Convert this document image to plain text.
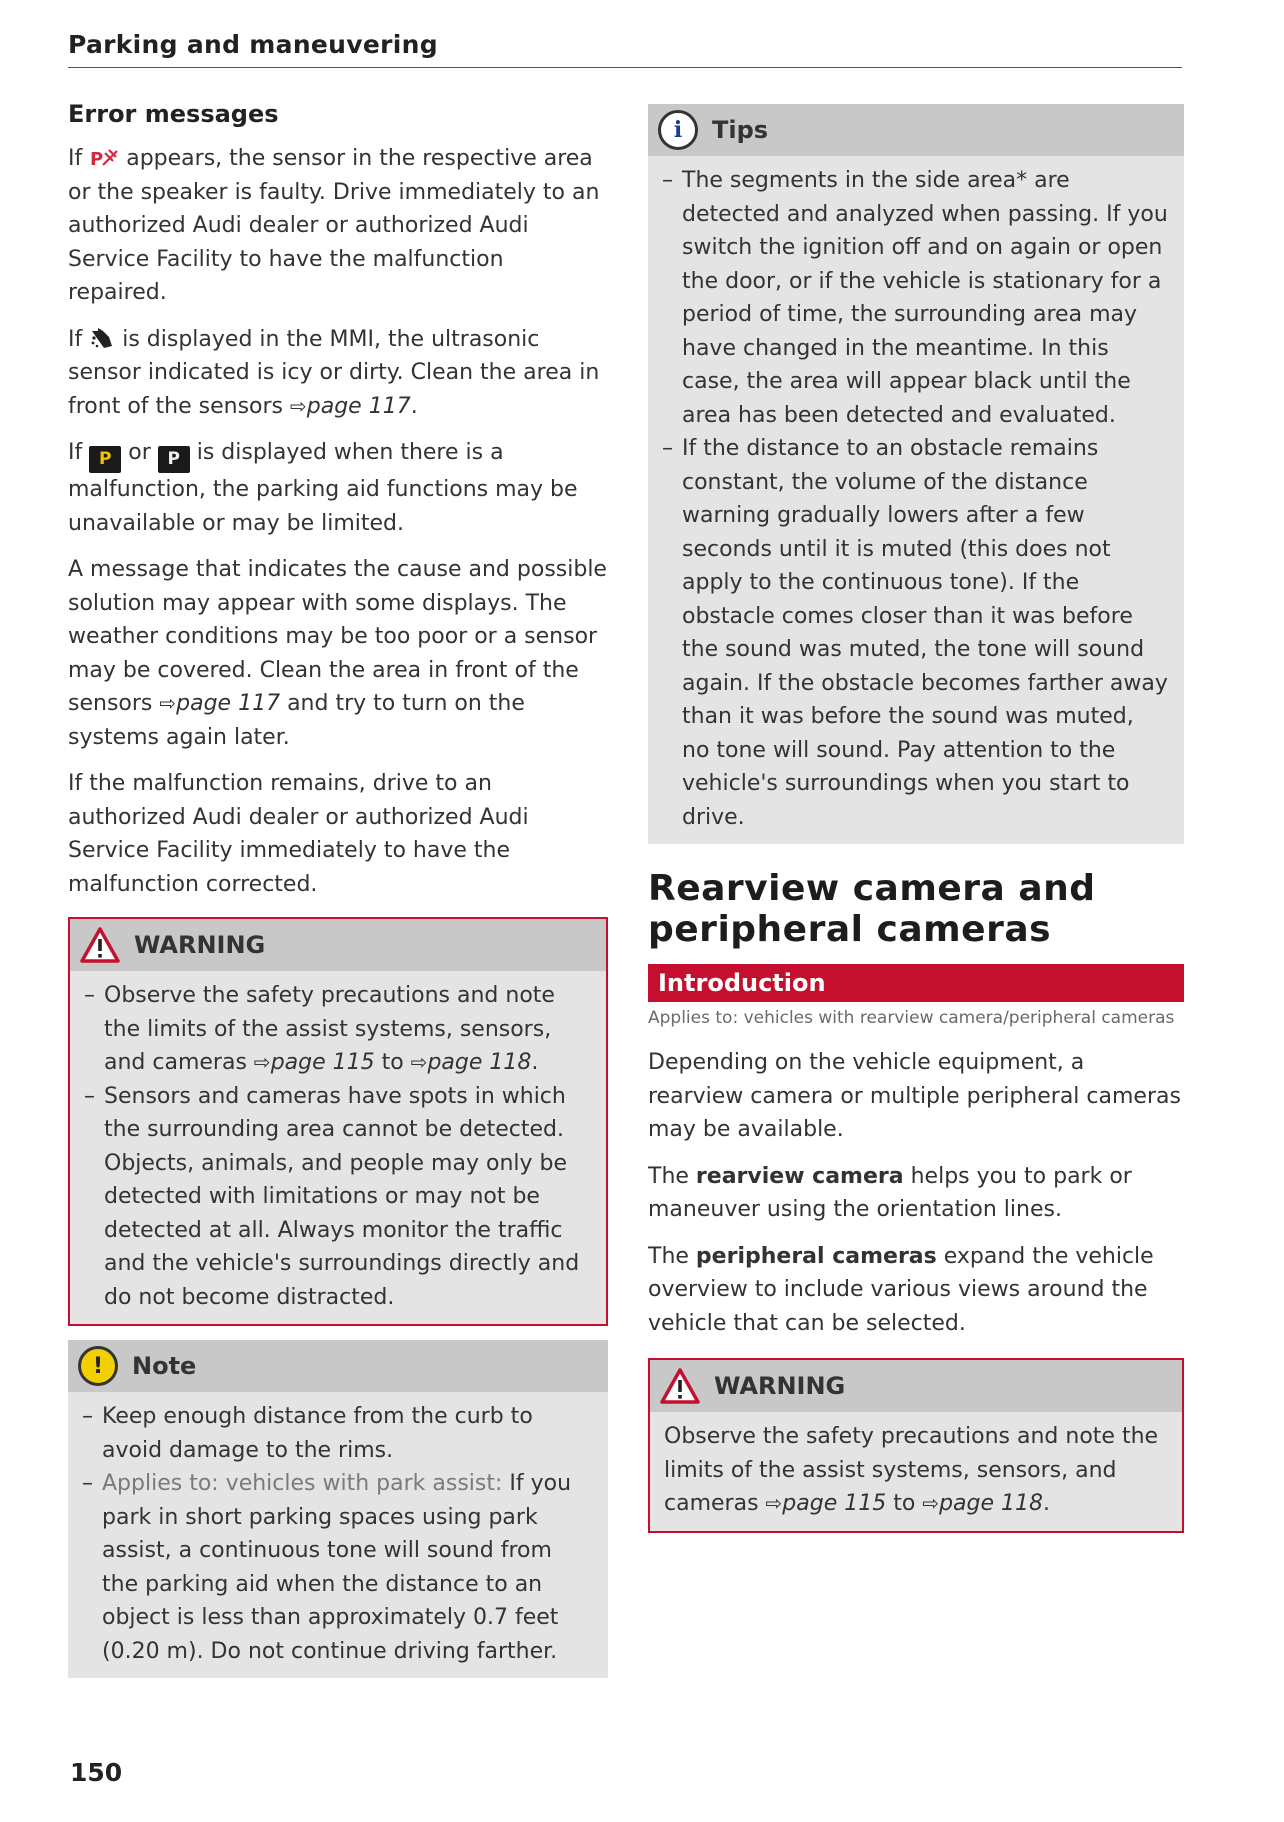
Parking and maneuvering
Error messages

If P appears, the sensor in the respective area or the speaker is faulty. Drive immediately to an authorized Audi dealer or authorized Audi Service Facility to have the malfunction repaired.

If  is displayed in the MMI, the ultrasonic sensor indicated is icy or dirty. Clean the area in front of the sensors ⇨page 117.

If P or P is displayed when there is a malfunction, the parking aid functions may be unavailable or may be limited.

A message that indicates the cause and possible solution may appear with some displays. The weather conditions may be too poor or a sensor may be covered. Clean the area in front of the sensors ⇨page 117 and try to turn on the systems again later.

If the malfunction remains, drive to an authorized Audi dealer or authorized Audi Service Facility immediately to have the malfunction corrected.

WARNING

– Observe the safety precautions and note the limits of the assist systems, sensors, and cameras ⇨page 115 to ⇨page 118.

– Sensors and cameras have spots in which the surrounding area cannot be detected. Objects, animals, and people may only be detected with limitations or may not be detected at all. Always monitor the traffic and the vehicle's surroundings directly and do not become distracted.

!	Note

– Keep enough distance from the curb to avoid damage to the rims.

– Applies to: vehicles with park assist: If you park in short parking spaces using park assist, a continuous tone will sound from the parking aid when the distance to an object is less than approximately 0.7 feet (0.20 m). Do not continue driving farther.

i	Tips

– The segments in the side area* are detected and analyzed when passing. If you switch the ignition off and on again or open the door, or if the vehicle is stationary for a period of time, the surrounding area may have changed in the meantime. In this case, the area will appear black until the area has been detected and evaluated.

– If the distance to an obstacle remains constant, the volume of the distance warning gradually lowers after a few seconds until it is muted (this does not apply to the continuous tone). If the obstacle comes closer than it was before the sound was muted, the tone will sound again. If the obstacle becomes farther away than it was before the sound was muted, no tone will sound. Pay attention to the vehicle's surroundings when you start to drive.

Rearview camera and
peripheral cameras
Introduction
Applies to: vehicles with rearview camera/peripheral cameras

Depending on the vehicle equipment, a rearview camera or multiple peripheral cameras may be available.

The rearview camera helps you to park or maneuver using the orientation lines.

The peripheral cameras expand the vehicle overview to include various views around the vehicle that can be selected.

WARNING

Observe the safety precautions and note the limits of the assist systems, sensors, and cameras ⇨page 115 to ⇨page 118.

150
